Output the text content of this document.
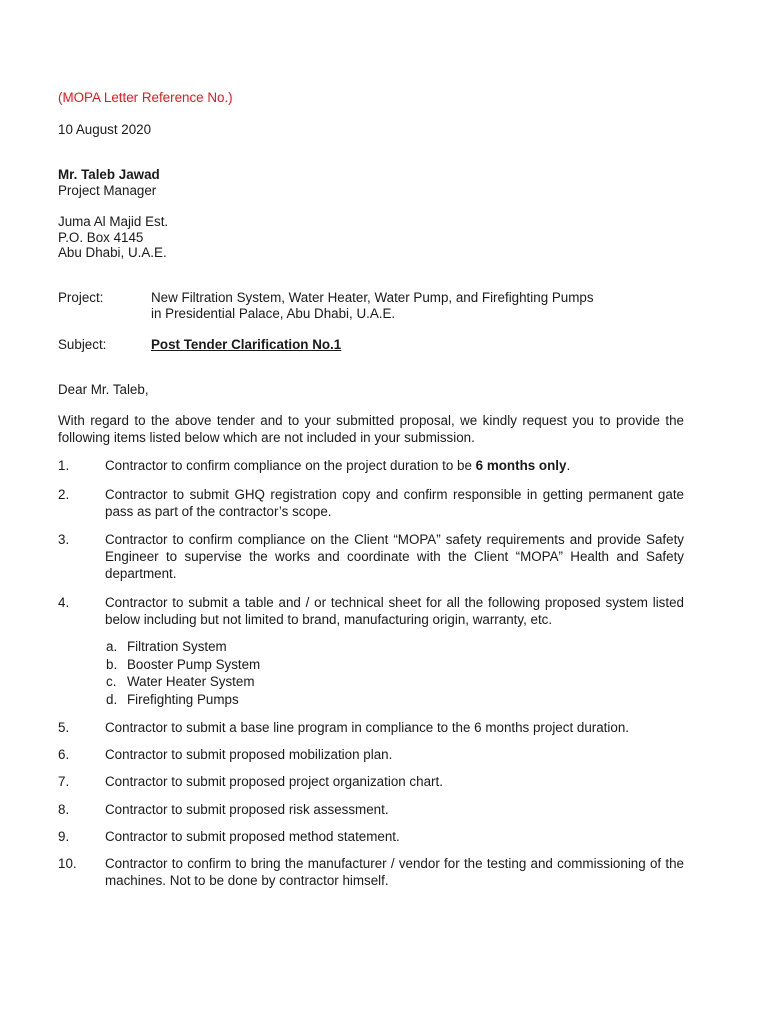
(MOPA Letter Reference No.)
10 August 2020
Mr. Taleb Jawad
Project Manager
Juma Al Majid Est.
P.O. Box 4145
Abu Dhabi, U.A.E.
Project:	New Filtration System, Water Heater, Water Pump, and Firefighting Pumps
in Presidential Palace, Abu Dhabi, U.A.E.
Subject:	Post Tender Clarification No.1
Dear Mr. Taleb,
With regard to the above tender and to your submitted proposal, we kindly request you to provide the following items listed below which are not included in your submission.
1.	Contractor to confirm compliance on the project duration to be 6 months only.
2.	Contractor to submit GHQ registration copy and confirm responsible in getting permanent gate pass as part of the contractor’s scope.
3.	Contractor to confirm compliance on the Client “MOPA” safety requirements and provide Safety Engineer to supervise the works and coordinate with the Client “MOPA” Health and Safety department.
4.	Contractor to submit a table and / or technical sheet for all the following proposed system listed below including but not limited to brand, manufacturing origin, warranty, etc.
a. Filtration System
b. Booster Pump System
c. Water Heater System
d. Firefighting Pumps
5.	Contractor to submit a base line program in compliance to the 6 months project duration.
6.	Contractor to submit proposed mobilization plan.
7.	Contractor to submit proposed project organization chart.
8.	Contractor to submit proposed risk assessment.
9.	Contractor to submit proposed method statement.
10. Contractor to confirm to bring the manufacturer / vendor for the testing and commissioning of the machines. Not to be done by contractor himself.
